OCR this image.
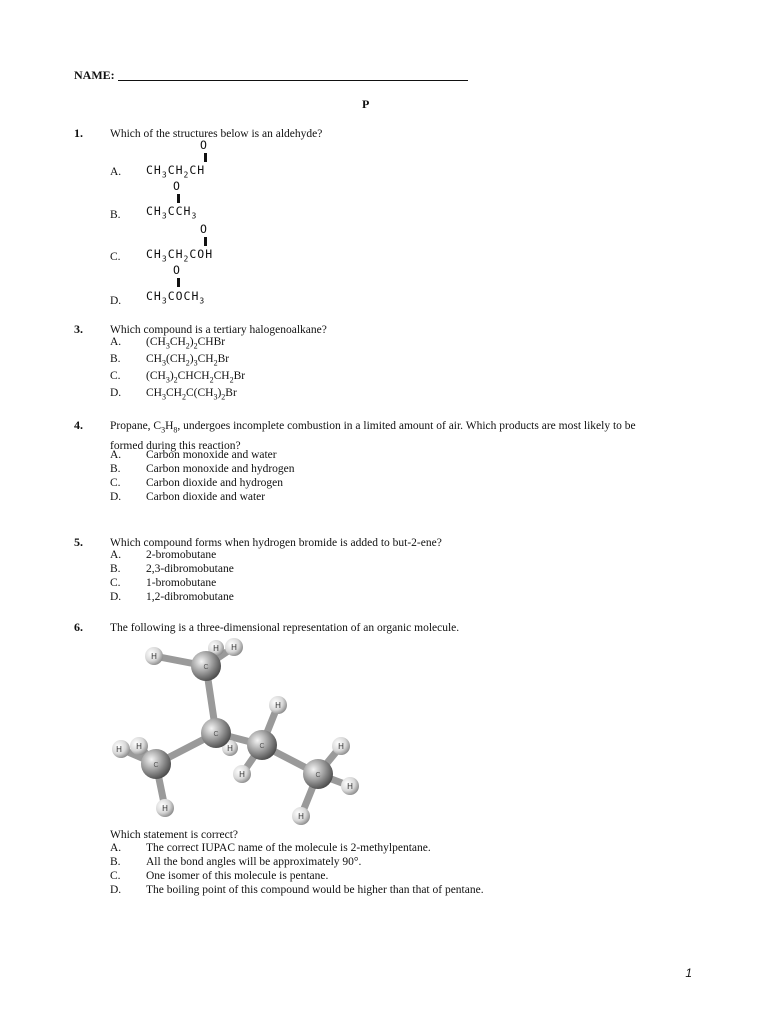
NAME:
P
1. Which of the structures below is an aldehyde?
O
A. $CH_3CH_2CH$
O
B. $CH_3CCH_3$
O
C. $CH_3CH_2COH$
O
D. $CH_3COCH_3$
3. Which compound is a tertiary halogenoalkane?
A. $(CH_3CH_2)_2CHBr$
B. $CH_3(CH_2)_3CH_2Br$
C. $(CH_3)_2CHCH_2CH_2Br$
D. $CH_3CH_2C(CH_3)_2Br$
4. Propane, $C_3H_8$, undergoes incomplete combustion in a limited amount of air. Which products are most likely to be formed during this reaction?
A. Carbon monoxide and water
B. Carbon monoxide and hydrogen
C. Carbon dioxide and hydrogen
D. Carbon dioxide and water
5. Which compound forms when hydrogen bromide is added to but-2-ene?
A. 2-bromobutane
B. 2,3-dibromobutane
C. 1-bromobutane
D. 1,2-dibromobutane
6. The following is a three-dimensional representation of an organic molecule.
H
H H
H
H H	H
H
H
H
H
H
C
C
C
C
C
Which statement is correct?
A. The correct IUPAC name of the molecule is 2-methylpentane.
B. All the bond angles will be approximately 90°.
C. One isomer of this molecule is pentane.
D. The boiling point of this compound would be higher than that of pentane.
1
